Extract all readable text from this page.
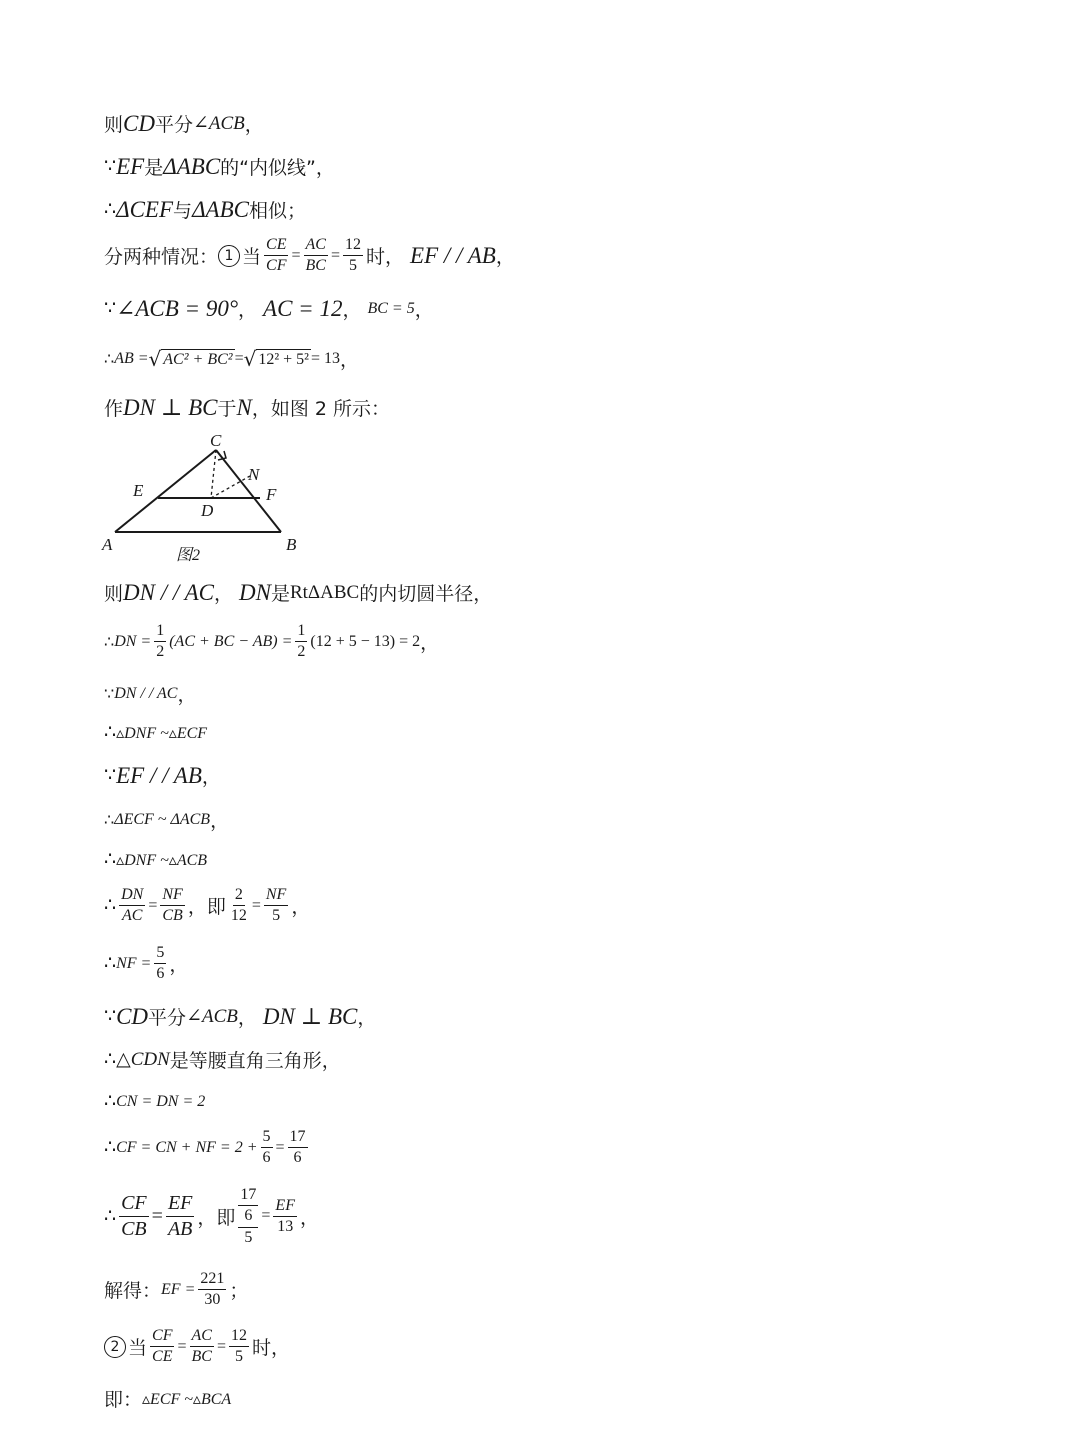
则 CD 平分 ∠ACB ，
∵ EF 是 ΔABC 的“内似线”，
∴ ΔCEF 与 ΔABC 相似；
分两种情况： 1 当 $\frac{CE}{CF} = \frac{AC}{BC} = \frac{12}{5}$ 时， EF / / AB ，
∵ ∠ACB = 90° ， AC = 12 ， BC = 5 ，
∴ AB = √ AC² + BC² = √ 12² + 5² = 13 ，
作 DN ⊥ BC 于 N ，如图 2 所示：
C
N
E	F
D
A	B
图2
则 DN / / AC ， DN 是 RtΔABC 的内切圆半径，
∴ DN = $\frac{1}{2} (AC$ + BC − $AB) = \frac{1}{2} (12 + 5 - 13) = 2$ ，
∵ DN / / AC ，
∴ ▵DNF ~▵ECF
∵ EF / / AB ，
∴ ΔECF ~ ΔACB ，
∴ ▵DNF ~▵ACB
∴ $\frac{DN}{AC} = \frac{NF}{CB}$ ，即 $\frac{2}{12} = \frac{NF}{5}$ ，
∴ NF = $\frac{5}{6}$ ，
∵ CD 平分 ∠ACB ， DN ⊥ BC ，
∴ △CDN 是等腰直角三角形，
∴ CN = DN = 2
∴ CF = CN + NF = $2 + \frac{5}{6} = \frac{17}{6}$
∴ $\frac{CF}{CB} = \frac{EF}{AB}$ ，即 $\frac{\frac{17}{6}}{5} = \frac{EF}{13}$ ，
解得： EF = $\frac{221}{30}$ ；
2 当 $\frac{CF}{CE} = \frac{AC}{BC} = \frac{12}{5}$ 时，
即： ▵ECF ~▵BCA
